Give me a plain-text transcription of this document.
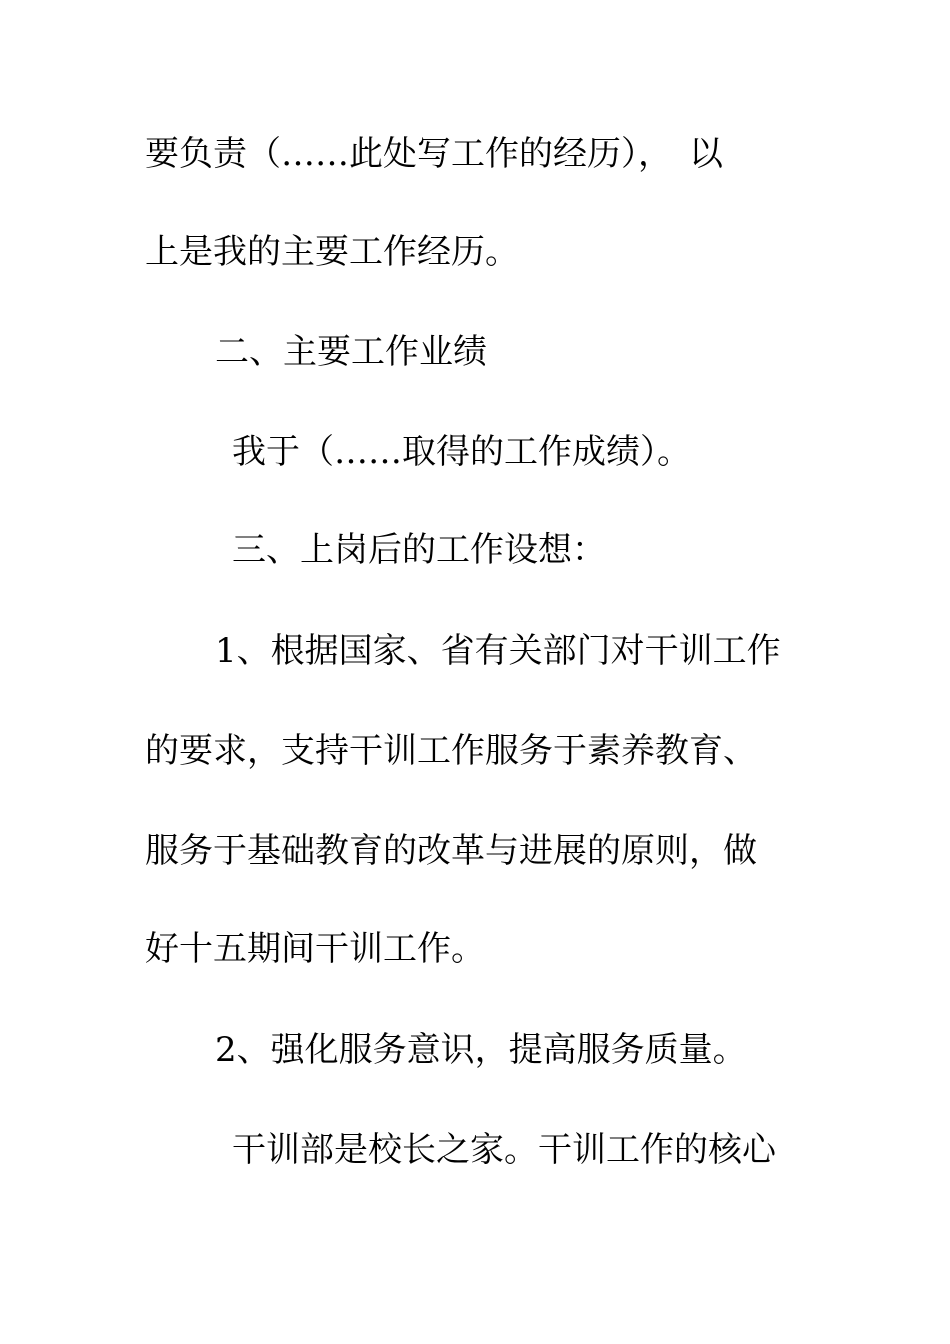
要负责（……此处写工作的经历），　以
上是我的主要工作经历。
二、主要工作业绩
我于（……取得的工作成绩）。
三、上岗后的工作设想：
1、根据国家、省有关部门对干训工作
的要求，支持干训工作服务于素养教育、
服务于基础教育的改革与进展的原则，做
好十五期间干训工作。
2、强化服务意识，提高服务质量。
干训部是校长之家。干训工作的核心
